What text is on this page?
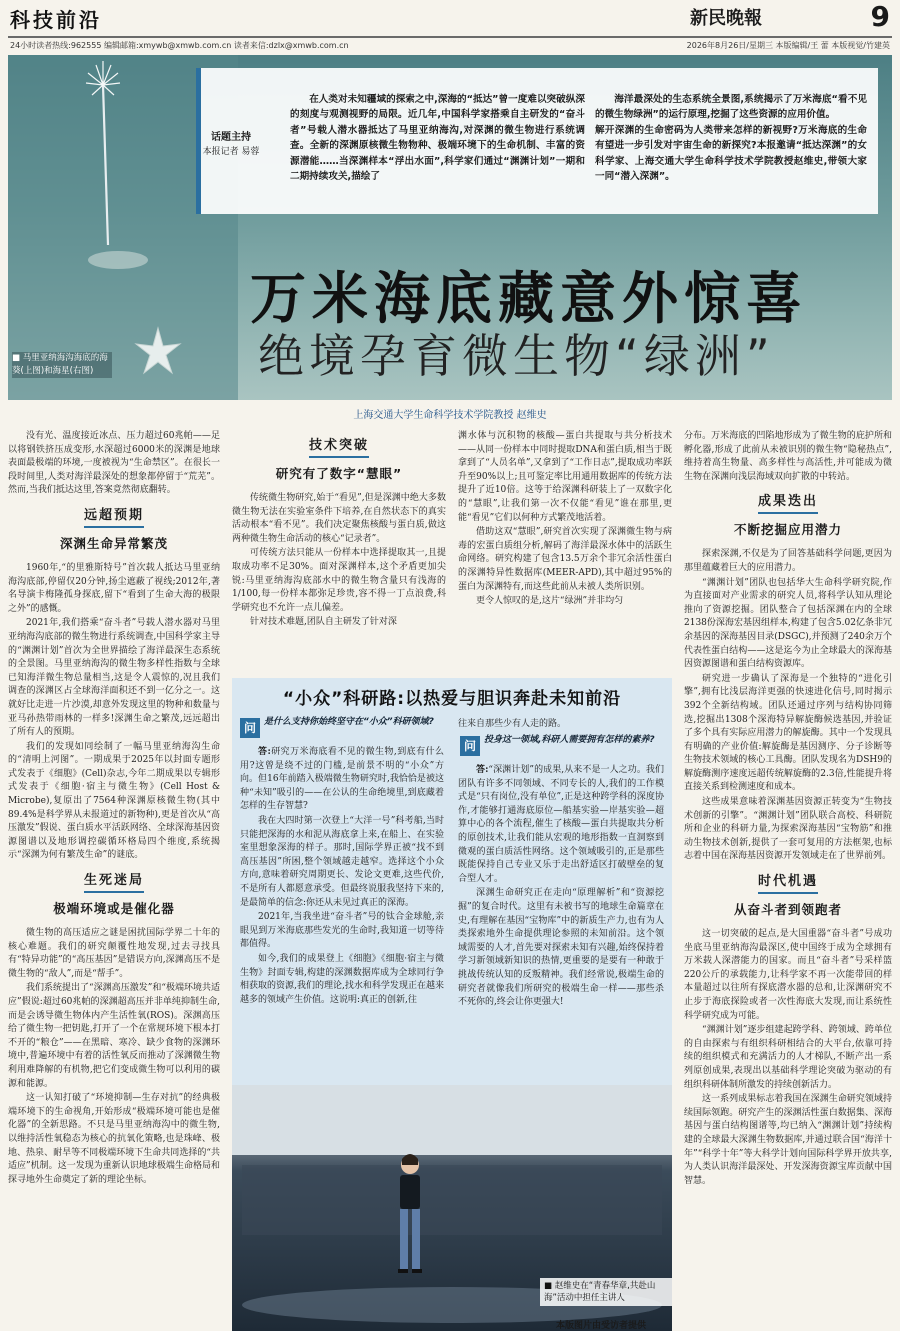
科技前沿	新民晚報	9
24小时读者热线:962555 编辑邮箱:xmywb@xmwb.com.cn 读者来信:dzlx@xmwb.com.cn	2026年8月26日/星期三 本版编辑/王 蕾 本版视觉/竹建英
话题主持
本报记者 易蓉
在人类对未知疆域的探索之中,深海的“抵达”曾一度难以突破纵深的刻度与观测视野的局限。近几年,中国科学家搭乘自主研发的“奋斗者”号载人潜水器抵达了马里亚纳海沟,对深渊的微生物进行系统调查。全新的深渊原核微生物物种、极端环境下的生命机制、丰富的资源潜能……当深渊样本“浮出水面”,科学家们通过“渊渊计划”一期和二期持续攻关,描绘了
海洋最深处的生态系统全景图,系统揭示了万米海底“看不见的微生物绿洲”的运行原理,挖掘了这些资源的应用价值。
解开深渊的生命密码为人类带来怎样的新视野?万米海底的生命有望进一步引发对宇宙生命的新探究?本报邀请“抵达深渊”的女科学家、上海交通大学生命科学技术学院教授赵维史,带领大家一同“潜入深渊”。
万米海底藏意外惊喜
绝境孕育微生物“绿洲”
■ 马里亚纳海沟海底的海葵(上图)和海星(右图)
上海交通大学生命科学技术学院教授 赵维史

没有光、温度接近冰点、压力超过60兆帕——足以将钢铁挤压成变形,水深超过6000米的深渊是地球表面最极端的环境,一度被视为“生命禁区”。在很长一段时间里,人类对海洋最深处的想象都停留于“荒芜”。然而,当我们抵达这里,答案竟然彻底翻转。

远超预期
深渊生命异常繁茂

1960年,“的里雅斯特号”首次载人抵达马里亚纳海沟底部,停留仅20分钟,扬尘遮蔽了视线;2012年,著名导演卡梅隆孤身探底,留下“看到了生命大海的极限之外”的感慨。

2021年,我们搭乘“奋斗者”号载人潜水器对马里亚纳海沟底部的微生物进行系统调查,中国科学家主导的“渊渊计划”首次为全世界描绘了海洋最深生态系统的全景图。马里亚纳海沟的微生物多样性指数与全球已知海洋微生物总量相当,这是令人震惊的,况且我们调查的深渊区占全球海洋面积还不到一亿分之一。这就好比走进一片沙漠,却意外发现这里的物种和数量与亚马孙热带雨林的一样多!深渊生命之繁茂,远远超出了所有人的预期。

我们的发现如同绘制了一幅马里亚纳海沟生命的“清明上河图”。一期成果于2025年以封面专题形式发表于《细胞》(Cell)杂志,今年二期成果以专辑形式发表于《细胞·宿主与微生物》(Cell Host & Microbe),复原出了7564种深渊原核微生物(其中89.4%是科学界从未报道过的新物种),更是首次从“高压激发”假说、蛋白质水平活跃网络、全球深海基因资源图谱以及地形调控碳循环格局四个维度,系统揭示“深渊为何有繁茂生命”的谜底。

生死迷局
极端环境或是催化器

微生物的高压适应之谜是困扰国际学界二十年的核心难题。我们的研究颠覆性地发现,过去寻找具有“特异功能”的“高压基因”是错误方向,深渊高压不是微生物的“敌人”,而是“帮手”。

我们系统提出了“深渊高压激发”和“极端环境共适应”假说:超过60兆帕的深渊超高压并非单纯抑制生命,而是会诱导微生物体内产生活性氧(ROS)。深渊高压给了微生物一把钥匙,打开了一个在常规环境下根本打不开的“粮仓”——在黑暗、寒冷、缺少食物的深渊环境中,普遍环境中有着的活性氧反而推动了深渊微生物利用难降解的有机物,把它们变成微生物可以利用的碳源和能源。

这一认知打破了“环境抑制—生存对抗”的经典极端环境下的生命视角,开始形成“极端环境可能也是催化器”的全新思路。不只是马里亚纳海沟中的微生物,以维持活性氧稳态为核心的抗氧化策略,也是珠峰、极地、热泉、耐旱等不同极端环境下生命共同选择的“共适应”机制。这一发现为重新认识地球极端生命格局和探寻地外生命奠定了新的理论坐标。

技术突破
研究有了数字“慧眼”

传统微生物研究,始于“看见”,但是深渊中绝大多数微生物无法在实验室条件下培养,在自然状态下的真实活动根本“看不见”。我们决定聚焦核酸与蛋白质,做这两种微生物生命活动的核心“记录者”。

可传统方法只能从一份样本中选择提取其一,且提取成功率不足30%。面对深渊样本,这个矛盾更加尖锐:马里亚纳海沟底部水中的微生物含量只有浅海的1/100,每一份样本都弥足珍贵,容不得一丁点浪费,科学研究也不允许一点儿偏差。

针对技术难题,团队自主研发了针对深

渊水体与沉积物的核酸—蛋白共提取与共分析技术——从同一份样本中同时提取DNA和蛋白质,相当于既拿到了“人员名单”,又拿到了“工作日志”,提取成功率跃升至90%以上;且可鉴定率比用通用数据库的传统方法提升了近10倍。这等于给深渊科研装上了一双数字化的“慧眼”,让我们第一次不仅能“看见”谁在那里,更能“看见”它们以何种方式繁茂地活着。

借助这双“慧眼”,研究首次实现了深渊微生物与病毒的宏蛋白质组分析,解码了海洋最深水体中的活跃生命网络。研究构建了包含13.5万余个非冗余活性蛋白的深渊特异性数据库(MEER-APD),其中超过95%的蛋白为深渊特有,而这些此前从未被人类所识别。

更令人惊叹的是,这片“绿洲”并非均匀

分布。万米海底的凹陷地形成为了微生物的庇护所和孵化器,形成了此前从未被识别的微生物“隐秘热点”,维持着高生物量、高多样性与高活性,并可能成为微生物在深渊向浅层海域双向扩散的中转站。

成果迭出
不断挖掘应用潜力

探索深渊,不仅是为了回答基础科学问题,更因为那里蕴藏着巨大的应用潜力。

“渊渊计划”团队也包括华大生命科学研究院,作为直接面对产业需求的研究人员,将科学认知从理论推向了资源挖掘。团队整合了包括深渊在内的全球2138份深海宏基因组样本,构建了包含5.02亿条非冗余基因的深海基因目录(DSGC),并预测了240余万个代表性蛋白结构——这是迄今为止全球最大的深海基因资源图谱和蛋白结构资源库。

研究进一步确认了深海是一个独特的“进化引擎”,拥有比浅层海洋更强的快速进化信号,同时揭示392个全新结构域。团队还通过序列与结构协同筛选,挖掘出1308个深海特异解旋酶候选基因,并验证了多个具有实际应用潜力的解旋酶。其中一个发现具有明确的产业价值:解旋酶是基因测序、分子诊断等生物技术领域的核心工具酶。团队发现名为DSH9的解旋酶测序速度远超传统解旋酶的2.3倍,性能提升将直接关系到检测速度和成本。

这些成果意味着深渊基因资源正转变为“生物技术创新的引擎”。“渊渊计划”团队联合高校、科研院所和企业的科研力量,为探索深海基因“宝物筋”和推动生物技术创新,提供了一套可复用的方法框架,也标志着中国在深海基因资源开发领域走在了世界前列。

时代机遇
从奋斗者到领跑者

这一切突破的起点,是大国重器“奋斗者”号成功坐底马里亚纳海沟最深区,使中国终于成为全球拥有万米载人深潜能力的国家。而且“奋斗者”号采样篮220公斤的承载能力,让科学家不再一次能带回的样本量超过以往所有探底潜水器的总和,让深渊研究不止步于海底探险或者一次性海底大发现,而让系统性科学研究成为可能。

“渊渊计划”逐步组建起跨学科、跨领域、跨单位的自由探索与有组织科研相结合的大平台,依靠可持续的组织模式和充满活力的人才梯队,不断产出一系列原创成果,表现出以基础科学理论突破为驱动的有组织科研体制所激发的持续创新活力。

这一系列成果标志着我国在深渊生命研究领域持续国际领跑。研究产生的深渊活性蛋白数据集、深海基因与蛋白结构图谱等,均已纳入“渊渊计划”持续构建的全球最大深渊生物数据库,并通过联合国“海洋十年”“科学十年”等大科学计划向国际科学界开放共享,为人类认识海洋最深处、开发深海资源宝库贡献中国智慧。

“小众”科研路:以热爱与胆识奔赴未知前沿
问 是什么支持你始终坚守在“小众”科研领域?

答:研究万米海底看不见的微生物,到底有什么用?这曾是绕不过的门槛,是前景不明的“小众”方向。但16年前踏入极端微生物研究时,我恰恰是被这种“未知”吸引的——在公认的生命绝境里,到底藏着怎样的生存智慧?

我在大四时第一次登上“大洋一号”科考船,当时只能把深海的水和泥从海底拿上来,在船上、在实验室里想象深海的样子。那时,国际学界正被“找不到高压基因”所困,整个领域越走越窄。选择这个小众方向,意味着研究周期更长、发论文更难,这些代价,不是所有人都愿意承受。但最终说服我坚持下来的,是最简单的信念:你还从未见过真正的深海。

2021年,当我坐进“奋斗者”号的钛合金球舱,亲眼见到万米海底那些发光的生命时,我知道一切等待都值得。

如今,我们的成果登上《细胞》《细胞·宿主与微生物》封面专辑,构建的深渊数据库成为全球同行争相获取的资源,我们的理论,找水和科学发现正在越来越多的领域产生价值。这说明:真正的创新,往

往来自那些少有人走的路。

问 投身这一领域,科研人需要拥有怎样的素养?

答:“深渊计划”的成果,从来不是一人之功。我们团队有许多不同领域、不同专长的人,我们的工作模式是“只有岗位,没有单位”,正是这种跨学科的深度协作,才能够打通海底原位—船基实验—岸基实验—超算中心的各个流程,催生了核酸—蛋白共提取共分析的原创技术,让我们能从宏观的地形指数一直洞察到微观的蛋白质活性网络。这个领域吸引的,正是那些既能保持自己专业又乐于走出舒适区打破壁垒的复合型人才。

深渊生命研究正在走向“原理解析”和“资源挖掘”的复合时代。这里有未被书写的地球生命篇章在史,有理解在基因“宝物库”中的新质生产力,也有为人类探索地外生命提供理论参照的未知前沿。这个领域需要的人才,首先要对探索未知有兴趣,始终保持着学习新领域新知识的热情,更重要的是要有一种敢于挑战传统认知的反叛精神。我们经常说,极端生命的研究者就像我们所研究的极端生命一样——那些杀不死你的,终会让你更强大!

■ 赵维史在“青春华章,共赴山海”活动中担任主讲人
本版图片由受访者提供
